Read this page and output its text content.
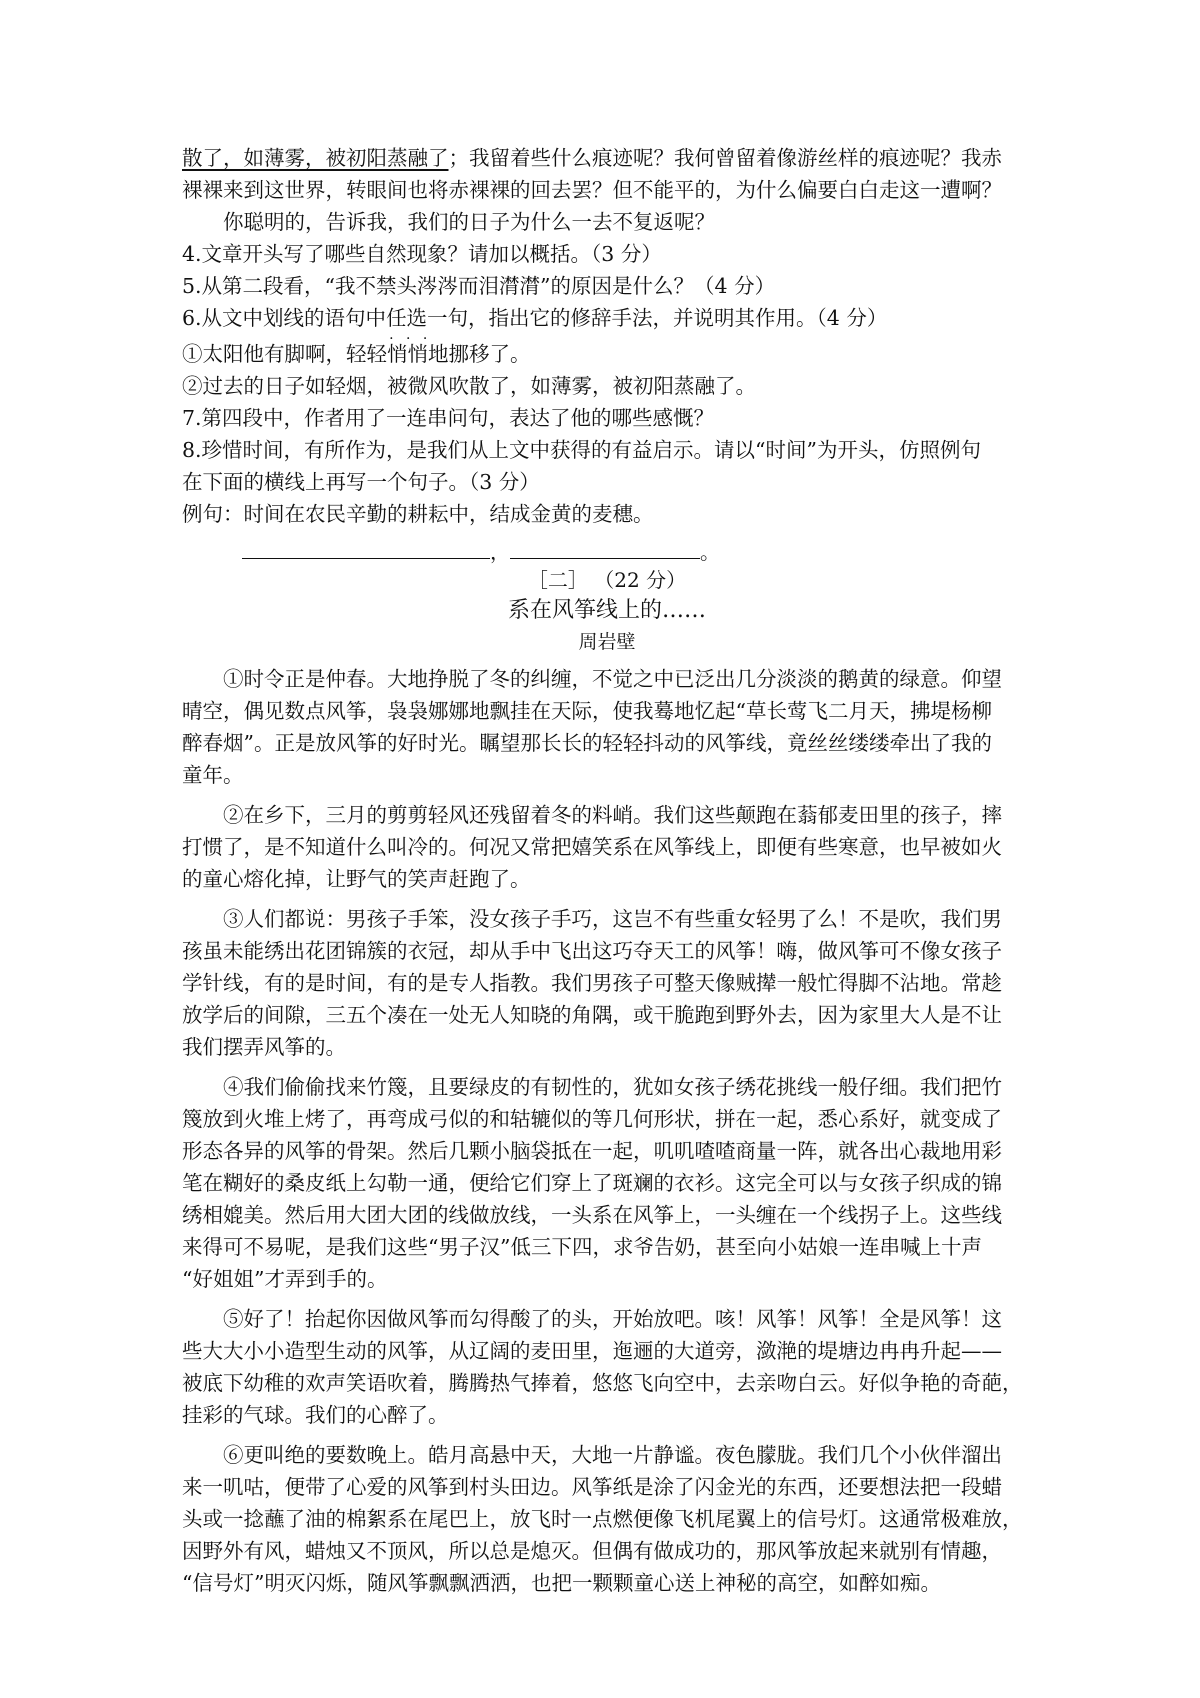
散了，如薄雾，被初阳蒸融了；我留着些什么痕迹呢？我何曾留着像游丝样的痕迹呢？我赤
裸裸来到这世界，转眼间也将赤裸裸的回去罢？但不能平的，为什么偏要白白走这一遭啊？
你聪明的，告诉我，我们的日子为什么一去不复返呢？
4.文章开头写了哪些自然现象？请加以概括。（3 分）
5.从第二段看，“我不禁头涔涔而泪潸潸”的原因是什么？（4 分）
6.从文中划线的语句中任选一 · · ·句，指出它的修辞手法，并说明其作用。（4 分）
①太阳他有脚啊，轻轻悄悄地挪移了。
②过去的日子如轻烟，被微风吹散了，如薄雾，被初阳蒸融了。
7.第四段中，作者用了一连串问句，表达了他的哪些感慨？
8.珍惜时间，有所作为，是我们从上文中获得的有益启示。请以“时间”为开头，仿照例句
在下面的横线上再写一个句子。（3 分）
例句：时间在农民辛勤的耕耘中，结成金黄的麦穗。
，	。
［二］ （22 分）
系在风筝线上的……
周岩壁

①时令正是仲春。大地挣脱了冬的纠缠，不觉之中已泛出几分淡淡的鹅黄的绿意。仰望
晴空，偶见数点风筝，袅袅娜娜地飘挂在天际，使我蓦地忆起“草长莺飞二月天，拂堤杨柳
醉春烟”。正是放风筝的好时光。瞩望那长长的轻轻抖动的风筝线，竟丝丝缕缕牵出了我的
童年。

②在乡下，三月的剪剪轻风还残留着冬的料峭。我们这些颠跑在蓊郁麦田里的孩子，摔
打惯了，是不知道什么叫冷的。何况又常把嬉笑系在风筝线上，即便有些寒意，也早被如火
的童心熔化掉，让野气的笑声赶跑了。

③人们都说：男孩子手笨，没女孩子手巧，这岂不有些重女轻男了么！不是吹，我们男
孩虽未能绣出花团锦簇的衣冠，却从手中飞出这巧夺天工的风筝！嗨，做风筝可不像女孩子
学针线，有的是时间，有的是专人指教。我们男孩子可整天像贼撵一般忙得脚不沾地。常趁
放学后的间隙，三五个凑在一处无人知晓的角隅，或干脆跑到野外去，因为家里大人是不让
我们摆弄风筝的。

④我们偷偷找来竹篾，且要绿皮的有韧性的，犹如女孩子绣花挑线一般仔细。我们把竹
篾放到火堆上烤了，再弯成弓似的和轱辘似的等几何形状，拼在一起，悉心系好，就变成了
形态各异的风筝的骨架。然后几颗小脑袋抵在一起，叽叽喳喳商量一阵，就各出心裁地用彩
笔在糊好的桑皮纸上勾勒一通，便给它们穿上了斑斓的衣衫。这完全可以与女孩子织成的锦
绣相媲美。然后用大团大团的线做放线，一头系在风筝上，一头缠在一个线拐子上。这些线
来得可不易呢，是我们这些“男子汉”低三下四，求爷告奶，甚至向小姑娘一连串喊上十声
“好姐姐”才弄到手的。

⑤好了！抬起你因做风筝而勾得酸了的头，开始放吧。咳！风筝！风筝！全是风筝！这
些大大小小造型生动的风筝，从辽阔的麦田里，迤逦的大道旁，潋滟的堤塘边冉冉升起——
被底下幼稚的欢声笑语吹着，腾腾热气捧着，悠悠飞向空中，去亲吻白云。好似争艳的奇葩，
挂彩的气球。我们的心醉了。

⑥更叫绝的要数晚上。皓月高悬中天，大地一片静谧。夜色朦胧。我们几个小伙伴溜出
来一叽咕，便带了心爱的风筝到村头田边。风筝纸是涂了闪金光的东西，还要想法把一段蜡
头或一捻蘸了油的棉絮系在尾巴上，放飞时一点燃便像飞机尾翼上的信号灯。这通常极难放，
因野外有风，蜡烛又不顶风，所以总是熄灭。但偶有做成功的，那风筝放起来就别有情趣，
“信号灯”明灭闪烁，随风筝飘飘洒洒，也把一颗颗童心送上神秘的高空，如醉如痴。
